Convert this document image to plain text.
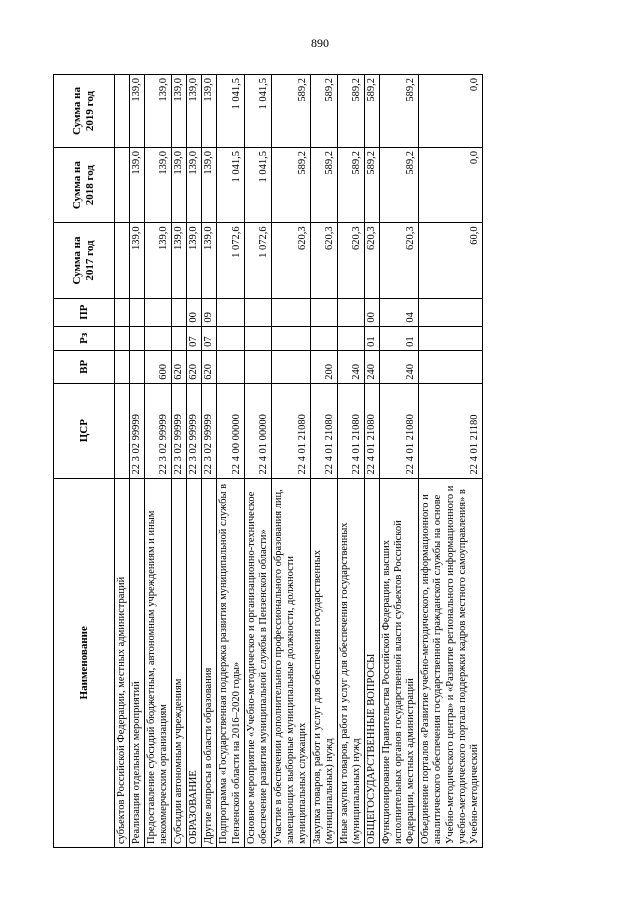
890
Наименование	ЦСР	ВР	Рз	ПР	Сумма на 2017 год	Сумма на 2018 год	Сумма на 2019 год
субъектов Российской Федерации, местных администраций							
Реализация отдельных мероприятий	22 3 02 99999				139,0	139,0	139,0
Предоставление субсидий бюджетным, автономным учреждениям и иным некоммерческим организациям	22 3 02 99999	600			139,0	139,0	139,0
Субсидии автономным учреждениям	22 3 02 99999	620			139,0	139,0	139,0
ОБРАЗОВАНИЕ	22 3 02 99999	620	07	00	139,0	139,0	139,0
Другие вопросы в области образования	22 3 02 99999	620	07	09	139,0	139,0	139,0
Подпрограмма «Государственная поддержка развития муниципальной службы в Пензенской области на 2016–2020 годы»	22 4 00 00000				1 072,6	1 041,5	1 041,5
Основное мероприятие «Учебно-методическое и организационно-техническое обеспечение развития муниципальной службы в Пензенской области»	22 4 01 00000				1 072,6	1 041,5	1 041,5
Участие в обеспечении дополнительного профессионального образования лиц, замещающих выборные муниципальные должности, должности муниципальных служащих	22 4 01 21080				620,3	589,2	589,2
Закупка товаров, работ и услуг для обеспечения государственных (муниципальных) нужд	22 4 01 21080	200			620,3	589,2	589,2
Иные закупки товаров, работ и услуг для обеспечения государственных (муниципальных) нужд	22 4 01 21080	240			620,3	589,2	589,2
ОБЩЕГОСУДАРСТВЕННЫЕ ВОПРОСЫ	22 4 01 21080	240	01	00	620,3	589,2	589,2
Функционирование Правительства Российской Федерации, высших исполнительных органов государственной власти субъектов Российской Федерации, местных администраций	22 4 01 21080	240	01	04	620,3	589,2	589,2
Объединение порталов «Развитие учебно-методического, информационного и аналитического обеспечения государственной гражданской службы на основе Учебно-методического центра» и «Развитие регионального информационного и учебно-методического портала поддержки кадров местного самоуправления» в Учебно-методический	22 4 01 21180				60,0	0,0	0,0
